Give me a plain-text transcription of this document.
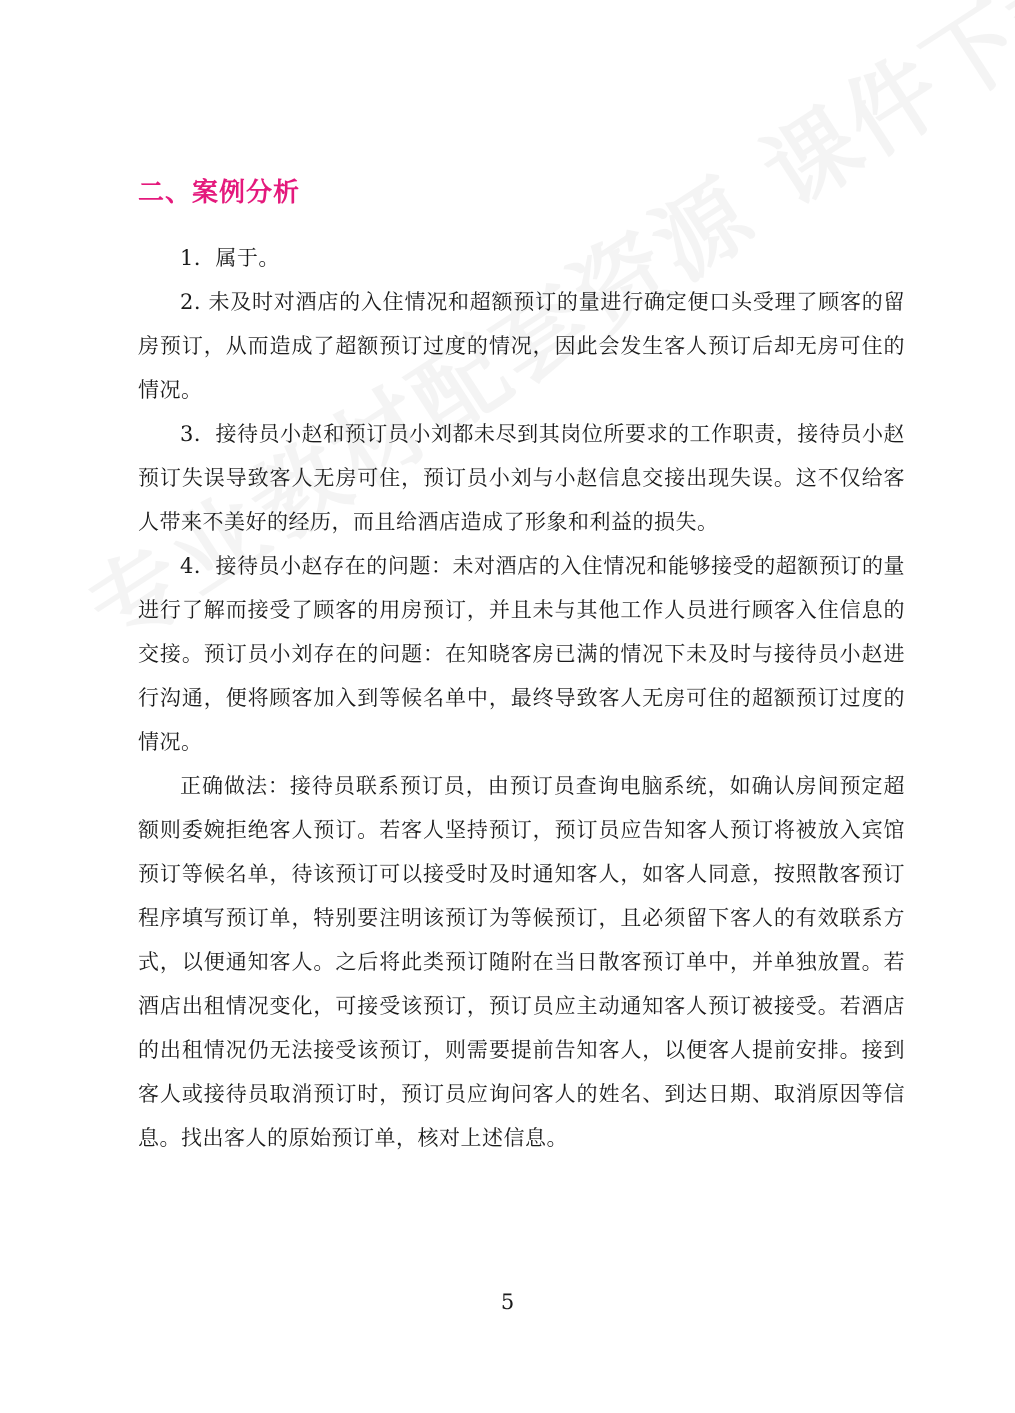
二、案例分析

1．属于。

2. 未及时对酒店的入住情况和超额预订的量进行确定便口头受理了顾客的留房预订，从而造成了超额预订过度的情况，因此会发生客人预订后却无房可住的情况。

3．接待员小赵和预订员小刘都未尽到其岗位所要求的工作职责，接待员小赵预订失误导致客人无房可住，预订员小刘与小赵信息交接出现失误。这不仅给客人带来不美好的经历，而且给酒店造成了形象和利益的损失。

4．接待员小赵存在的问题：未对酒店的入住情况和能够接受的超额预订的量进行了解而接受了顾客的用房预订，并且未与其他工作人员进行顾客入住信息的交接。预订员小刘存在的问题：在知晓客房已满的情况下未及时与接待员小赵进行沟通，便将顾客加入到等候名单中，最终导致客人无房可住的超额预订过度的情况。

正确做法：接待员联系预订员，由预订员查询电脑系统，如确认房间预定超额则委婉拒绝客人预订。若客人坚持预订，预订员应告知客人预订将被放入宾馆预订等候名单，待该预订可以接受时及时通知客人，如客人同意，按照散客预订程序填写预订单，特别要注明该预订为等候预订，且必须留下客人的有效联系方式，以便通知客人。之后将此类预订随附在当日散客预订单中，并单独放置。若酒店出租情况变化，可接受该预订，预订员应主动通知客人预订被接受。若酒店的出租情况仍无法接受该预订，则需要提前告知客人，以便客人提前安排。接到客人或接待员取消预订时，预订员应询问客人的姓名、到达日期、取消原因等信息。找出客人的原始预订单，核对上述信息。

5
